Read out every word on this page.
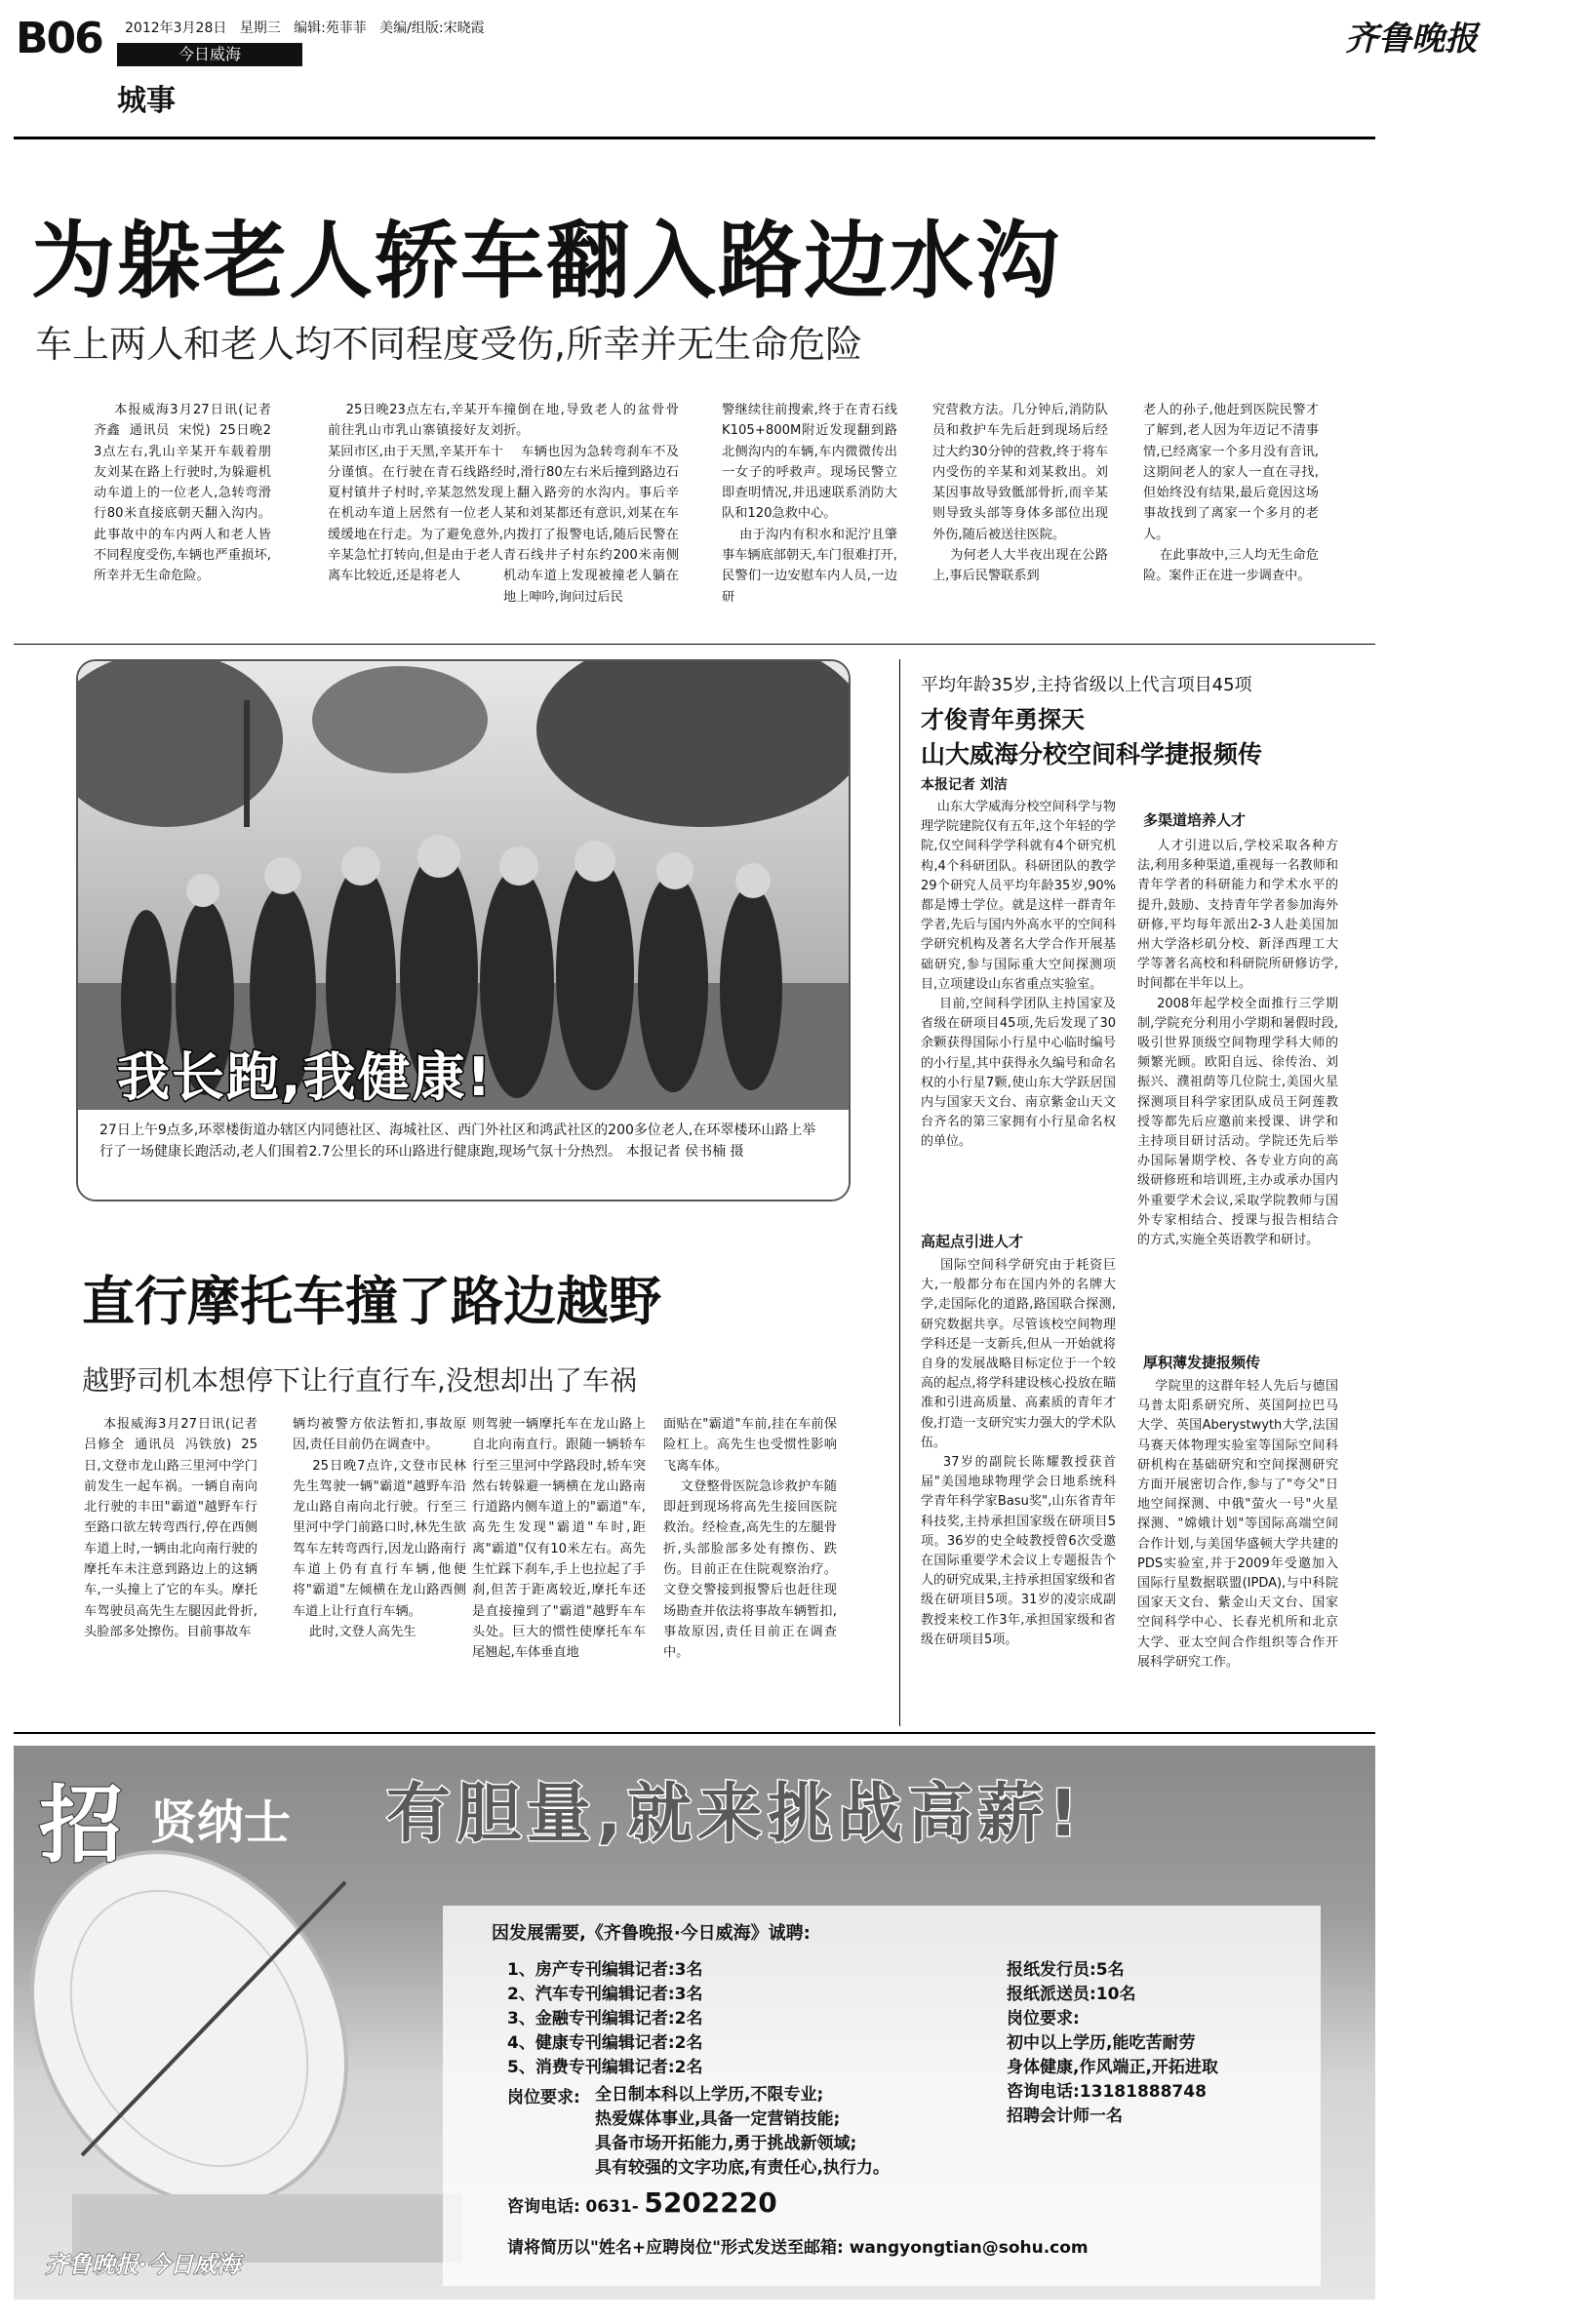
B06 2012年3月28日 星期三 编辑:苑菲菲 美编/组版:宋晓霞
今日威海
城事
齐鲁晚报
为躲老人轿车翻入路边水沟
车上两人和老人均不同程度受伤,所幸并无生命危险
本报威海3月27日讯(记者  齐鑫  通讯员  宋悦)  25日晚23点左右,乳山辛某开车载着朋友刘某在路上行驶时,为躲避机动车道上的一位老人,急转弯滑行80米直接底朝天翻入沟内。此事故中的车内两人和老人皆不同程度受伤,车辆也严重损坏,所幸并无生命危险。
25日晚23点左右,辛某开车前往乳山市乳山寨镇接好友刘某回市区,由于天黑,辛某开车十分谨慎。在行驶在青石线路经夏村镇井子村时,辛某忽然发现在机动车道上居然有一位老人缓缓地在行走。为了避免意外,辛某急忙打转向,但是由于老人离车比较近,还是将老人
撞倒在地,导致老人的盆骨骨折。
车辆也因为急转弯刹车不及时,滑行80左右米后撞到路边石上翻入路旁的水沟内。事后辛某和刘某都还有意识,刘某在车内拨打了报警电话,随后民警在青石线井子村东约200米南侧机动车道上发现被撞老人躺在地上呻吟,询问过后民
警继续往前搜索,终于在青石线K105+800M附近发现翻到路北侧沟内的车辆,车内微微传出一女子的呼救声。现场民警立即查明情况,并迅速联系消防大队和120急救中心。
由于沟内有积水和泥泞且肇事车辆底部朝天,车门很难打开,民警们一边安慰车内人员,一边研
究营救方法。几分钟后,消防队员和救护车先后赶到现场后经过大约30分钟的营救,终于将车内受伤的辛某和刘某救出。刘某因事故导致骶部骨折,而辛某则导致头部等身体多部位出现外伤,随后被送往医院。
为何老人大半夜出现在公路上,事后民警联系到
老人的孙子,他赶到医院民警才了解到,老人因为年迈记不清事情,已经离家一个多月没有音讯,这期间老人的家人一直在寻找,但始终没有结果,最后竟因这场事故找到了离家一个多月的老人。
在此事故中,三人均无生命危险。案件正在进一步调查中。
我长跑,我健康!
27日上午9点多,环翠楼街道办辖区内同德社区、海城社区、西门外社区和鸿武社区的200多位老人,在环翠楼环山路上举行了一场健康长跑活动,老人们围着2.7公里长的环山路进行健康跑,现场气氛十分热烈。 本报记者 侯书楠 摄
直行摩托车撞了路边越野
越野司机本想停下让行直行车,没想却出了车祸
本报威海3月27日讯(记者  吕修全  通讯员  冯铁放)  25日,文登市龙山路三里河中学门前发生一起车祸。一辆自南向北行驶的丰田"霸道"越野车行至路口欲左转弯西行,停在西侧车道上时,一辆由北向南行驶的摩托车未注意到路边上的这辆车,一头撞上了它的车头。摩托车驾驶员高先生左腿因此骨折,头脸部多处擦伤。目前事故车
辆均被警方依法暂扣,事故原因,责任目前仍在调查中。
25日晚7点许,文登市民林先生驾驶一辆"霸道"越野车沿龙山路自南向北行驶。行至三里河中学门前路口时,林先生欲驾车左转弯西行,因龙山路南行车道上仍有直行车辆,他便将"霸道"左倾横在龙山路西侧车道上让行直行车辆。
此时,文登人高先生
则驾驶一辆摩托车在龙山路上自北向南直行。跟随一辆轿车行至三里河中学路段时,轿车突然右转躲避一辆横在龙山路南行道路内侧车道上的"霸道"车,高先生发现"霸道"车时,距离"霸道"仅有10米左右。高先生忙踩下刹车,手上也拉起了手刹,但苦于距离较近,摩托车还是直接撞到了"霸道"越野车车头处。巨大的惯性使摩托车车尾翘起,车体垂直地
面贴在"霸道"车前,挂在车前保险杠上。高先生也受惯性影响飞离车体。
文登整骨医院急诊救护车随即赶到现场将高先生接回医院救治。经检查,高先生的左腿骨折,头部脸部多处有擦伤、跌伤。目前正在住院观察治疗。文登交警接到报警后也赶往现场勘查并依法将事故车辆暂扣,事故原因,责任目前正在调查中。
平均年龄35岁,主持省级以上代言项目45项
才俊青年勇探天
山大威海分校空间科学捷报频传
本报记者 刘洁
山东大学威海分校空间科学与物理学院建院仅有五年,这个年轻的学院,仅空间科学学科就有4个研究机构,4个科研团队。科研团队的教学29个研究人员平均年龄35岁,90%都是博士学位。就是这样一群青年学者,先后与国内外高水平的空间科学研究机构及著名大学合作开展基础研究,参与国际重大空间探测项目,立项建设山东省重点实验室。
目前,空间科学团队主持国家及省级在研项目45项,先后发现了30余颗获得国际小行星中心临时编号的小行星,其中获得永久编号和命名权的小行星7颗,使山东大学跃居国内与国家天文台、南京紫金山天文台齐名的第三家拥有小行星命名权的单位。
高起点引进人才
国际空间科学研究由于耗资巨大,一般都分布在国内外的名牌大学,走国际化的道路,路国联合探测,研究数据共享。尽管该校空间物理学科还是一支新兵,但从一开始就将自身的发展战略目标定位于一个较高的起点,将学科建设核心投放在瞄准和引进高质量、高素质的青年才俊,打造一支研究实力强大的学术队伍。
37岁的副院长陈耀教授获首届"美国地球物理学会日地系统科学青年科学家Basu奖",山东省青年科技奖,主持承担国家级在研项目5项。36岁的史全岐教授曾6次受邀在国际重要学术会议上专题报告个人的研究成果,主持承担国家级和省级在研项目5项。31岁的凌宗成副教授来校工作3年,承担国家级和省级在研项目5项。
多渠道培养人才
人才引进以后,学校采取各种方法,利用多种渠道,重视每一名教师和青年学者的科研能力和学术水平的提升,鼓励、支持青年学者参加海外研修,平均每年派出2-3人赴美国加州大学洛杉矶分校、新泽西理工大学等著名高校和科研院所研修访学,时间都在半年以上。
2008年起学校全面推行三学期制,学院充分利用小学期和暑假时段,吸引世界顶级空间物理学科大师的频繁光顾。欧阳自远、徐传治、刘振兴、濮祖荫等几位院士,美国火星探测项目科学家团队成员王阿莲教授等都先后应邀前来授课、讲学和主持项目研讨活动。学院还先后举办国际暑期学校、各专业方向的高级研修班和培训班,主办或承办国内外重要学术会议,采取学院教师与国外专家相结合、授课与报告相结合的方式,实施全英语教学和研讨。
厚积薄发捷报频传
学院里的这群年轻人先后与德国马普太阳系研究所、英国阿拉巴马大学、英国Aberystwyth大学,法国马赛天体物理实验室等国际空间科研机构在基础研究和空间探测研究方面开展密切合作,参与了"夸父"日地空间探测、中俄"萤火一号"火星探测、"嫦娥计划"等国际高端空间合作计划,与美国华盛顿大学共建的PDS实验室,并于2009年受邀加入国际行星数据联盟(IPDA),与中科院国家天文台、紫金山天文台、国家空间科学中心、长春光机所和北京大学、亚太空间合作组织等合作开展科学研究工作。
招 贤纳士 有胆量,就来挑战高薪!
因发展需要,《齐鲁晚报·今日威海》诚聘:
1、房产专刊编辑记者:3名
2、汽车专刊编辑记者:3名
3、金融专刊编辑记者:2名
4、健康专刊编辑记者:2名
5、消费专刊编辑记者:2名
岗位要求: 全日制本科以上学历,不限专业;
热爱媒体事业,具备一定营销技能;
具备市场开拓能力,勇于挑战新领域;
具有较强的文字功底,有责任心,执行力。
咨询电话: 0631- 5202220
请将简历以"姓名+应聘岗位"形式发送至邮箱: wangyongtian@sohu.com
报纸发行员:5名
报纸派送员:10名
岗位要求:
初中以上学历,能吃苦耐劳
身体健康,作风端正,开拓进取
咨询电话:13181888748
招聘会计师一名
齐鲁晚报·今日威海
